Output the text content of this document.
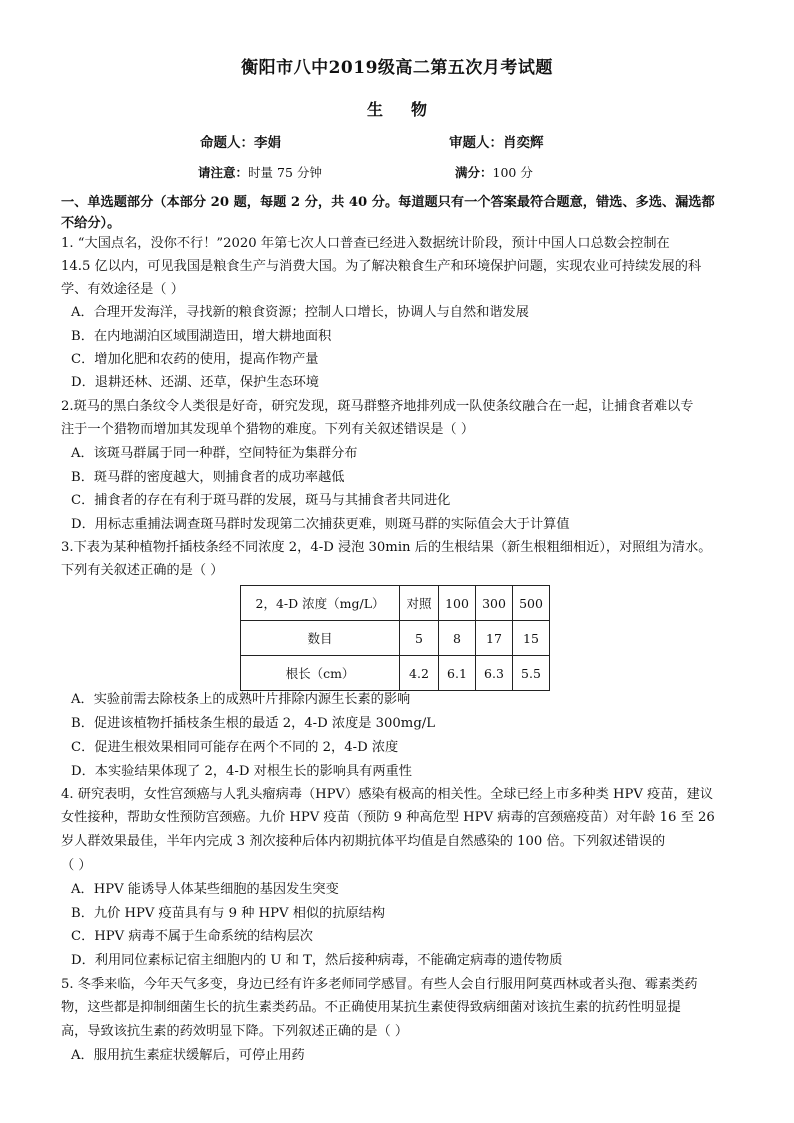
衡阳市八中2019级高二第五次月考试题
生 物
命题人：李娟	审题人：肖奕辉
请注意：时量 75 分钟	满分：100 分
一、单选题部分（本部分 20 题，每题 2 分，共 40 分。每道题只有一个答案最符合题意，错选、多选、漏选都
不给分）。
1. “大国点名，没你不行！”2020 年第七次人口普查已经进入数据统计阶段，预计中国人口总数会控制在
14.5 亿以内，可见我国是粮食生产与消费大国。为了解决粮食生产和环境保护问题，实现农业可持续发展的科
学、有效途径是（ ）
A．合理开发海洋，寻找新的粮食资源；控制人口增长，协调人与自然和谐发展
B．在内地湖泊区域围湖造田，增大耕地面积
C．增加化肥和农药的使用，提高作物产量
D．退耕还林、还湖、还草，保护生态环境
2.斑马的黑白条纹令人类很是好奇，研究发现，斑马群整齐地排列成一队使条纹融合在一起，让捕食者难以专
注于一个猎物而增加其发现单个猎物的难度。下列有关叙述错误是（ ）
A．该斑马群属于同一种群，空间特征为集群分布
B．斑马群的密度越大，则捕食者的成功率越低
C．捕食者的存在有利于斑马群的发展，斑马与其捕食者共同进化
D．用标志重捕法调查斑马群时发现第二次捕获更难，则斑马群的实际值会大于计算值
3.下表为某种植物扦插枝条经不同浓度 2，4-D 浸泡 30min 后的生根结果（新生根粗细相近），对照组为清水。
下列有关叙述正确的是（ ）
2，4-D 浓度（mg/L）	对照	100	300	500
数目	5	8	17	15
根长（cm）	4.2	6.1	6.3	5.5
A．实验前需去除枝条上的成熟叶片排除内源生长素的影响
B．促进该植物扦插枝条生根的最适 2，4-D 浓度是 300mg/L
C．促进生根效果相同可能存在两个不同的 2，4-D 浓度
D．本实验结果体现了 2，4-D 对根生长的影响具有两重性
4. 研究表明，女性宫颈癌与人乳头瘤病毒（HPV）感染有极高的相关性。全球已经上市多种类 HPV 疫苗，建议
女性接种，帮助女性预防宫颈癌。九价 HPV 疫苗（预防 9 种高危型 HPV 病毒的宫颈癌疫苗）对年龄 16 至 26
岁人群效果最佳，半年内完成 3 剂次接种后体内初期抗体平均值是自然感染的 100 倍。下列叙述错误的
（ ）
A．HPV 能诱导人体某些细胞的基因发生突变
B．九价 HPV 疫苗具有与 9 种 HPV 相似的抗原结构
C．HPV 病毒不属于生命系统的结构层次
D．利用同位素标记宿主细胞内的 U 和 T，然后接种病毒，不能确定病毒的遗传物质
5. 冬季来临，今年天气多变，身边已经有许多老师同学感冒。有些人会自行服用阿莫西林或者头孢、霉素类药
物，这些都是抑制细菌生长的抗生素类药品。不正确使用某抗生素使得致病细菌对该抗生素的抗药性明显提
高，导致该抗生素的药效明显下降。下列叙述正确的是（ ）
A．服用抗生素症状缓解后，可停止用药
